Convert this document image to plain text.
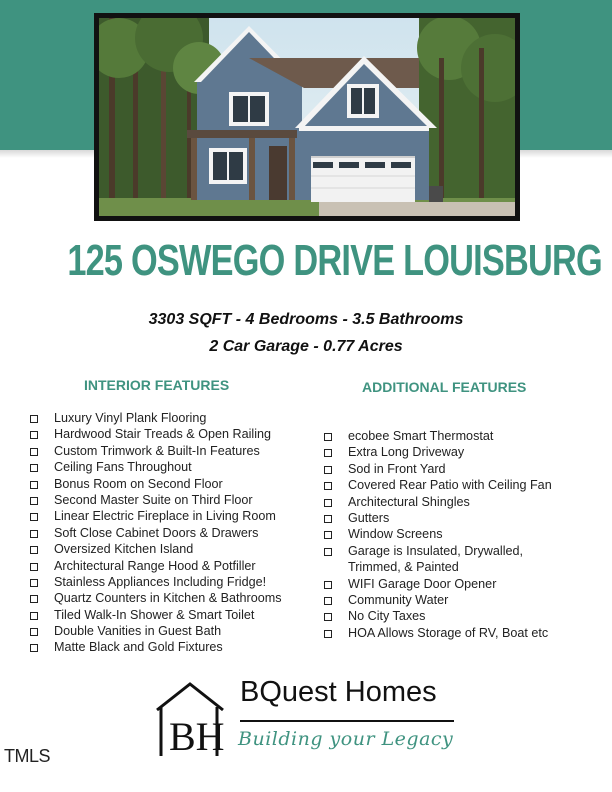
125 OSWEGO DRIVE LOUISBURG
3303 SQFT - 4 Bedrooms - 3.5 Bathrooms
2 Car Garage - 0.77 Acres
INTERIOR FEATURES	ADDITIONAL FEATURES
Luxury Vinyl Plank Flooring
Hardwood Stair Treads & Open Railing
Custom Trimwork & Built-In Features
Ceiling Fans Throughout
Bonus Room on Second Floor
Second Master Suite on Third Floor
Linear Electric Fireplace in Living Room
Soft Close Cabinet Doors & Drawers
Oversized Kitchen Island
Architectural Range Hood & Potfiller
Stainless Appliances Including Fridge!
Quartz Counters in Kitchen & Bathrooms
Tiled Walk-In Shower & Smart Toilet
Double Vanities in Guest Bath
Matte Black and Gold Fixtures
ecobee Smart Thermostat
Extra Long Driveway
Sod in Front Yard
Covered Rear Patio with Ceiling Fan
Architectural Shingles
Gutters
Window Screens
Garage is Insulated, Drywalled, Trimmed, & Painted
WIFI Garage Door Opener
Community Water
No City Taxes
HOA Allows Storage of RV, Boat etc
BH
BQuest Homes
Building your Legacy
TMLS
